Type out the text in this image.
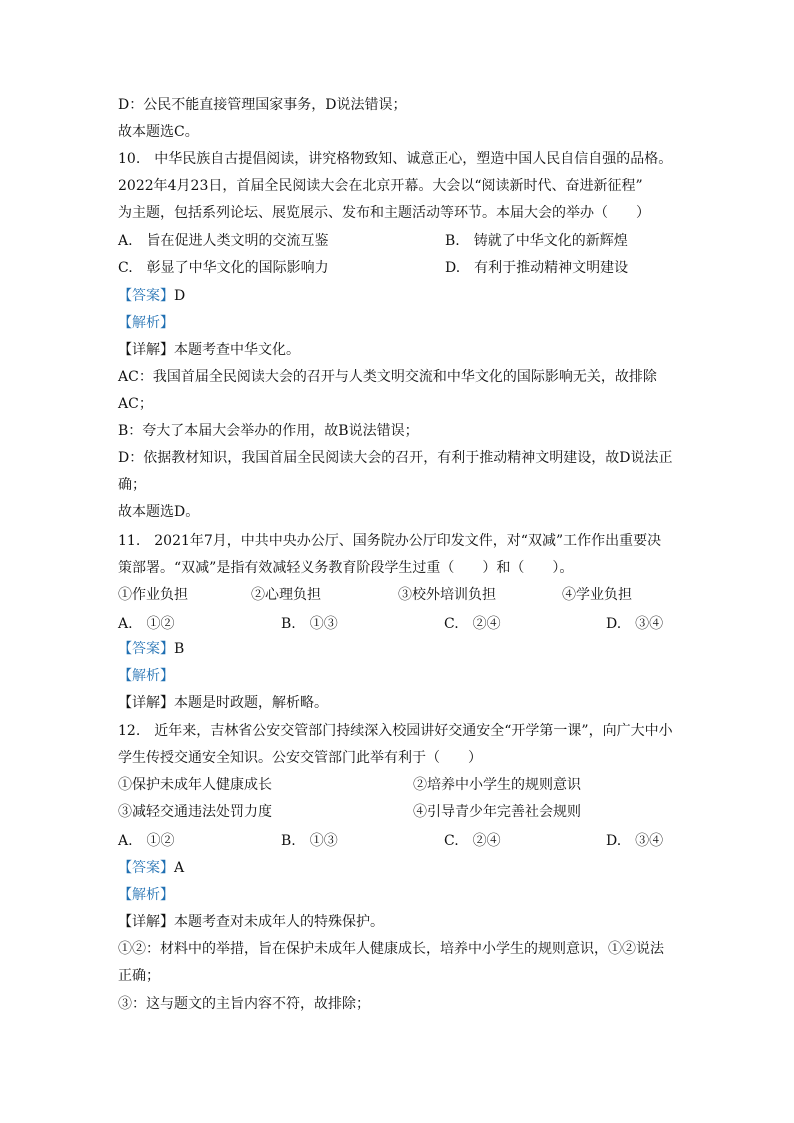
D：公民不能直接管理国家事务，D说法错误；
故本题选C。
10.　中华民族自古提倡阅读，讲究格物致知、诚意正心，塑造中国人民自信自强的品格。
2022年4月23日，首届全民阅读大会在北京开幕。大会以“阅读新时代、奋进新征程”
为主题，包括系列论坛、展览展示、发布和主题活动等环节。本届大会的举办（　　）
A.　旨在促进人类文明的交流互鉴	B.　铸就了中华文化的新辉煌
C.　彰显了中华文化的国际影响力	D.　有利于推动精神文明建设
【答案】D
【解析】
【详解】本题考查中华文化。
AC：我国首届全民阅读大会的召开与人类文明交流和中华文化的国际影响无关，故排除
AC；
B：夸大了本届大会举办的作用，故B说法错误；
D：依据教材知识，我国首届全民阅读大会的召开，有利于推动精神文明建设，故D说法正
确；
故本题选D。
11.　2021年7月，中共中央办公厅、国务院办公厅印发文件，对“双减”工作作出重要决
策部署。“双减”是指有效减轻义务教育阶段学生过重（　　）和（　　）。
①作业负担	②心理负担	③校外培训负担	④学业负担
A.　①②	B.　①③	C.　②④	D.　③④
【答案】B
【解析】
【详解】本题是时政题，解析略。
12.　近年来，吉林省公安交管部门持续深入校园讲好交通安全“开学第一课”，向广大中小
学生传授交通安全知识。公安交管部门此举有利于（　　）
①保护未成年人健康成长	②培养中小学生的规则意识
③减轻交通违法处罚力度	④引导青少年完善社会规则
A.　①②	B.　①③	C.　②④	D.　③④
【答案】A
【解析】
【详解】本题考查对未成年人的特殊保护。
①②：材料中的举措，旨在保护未成年人健康成长，培养中小学生的规则意识，①②说法
正确；
③：这与题文的主旨内容不符，故排除；
